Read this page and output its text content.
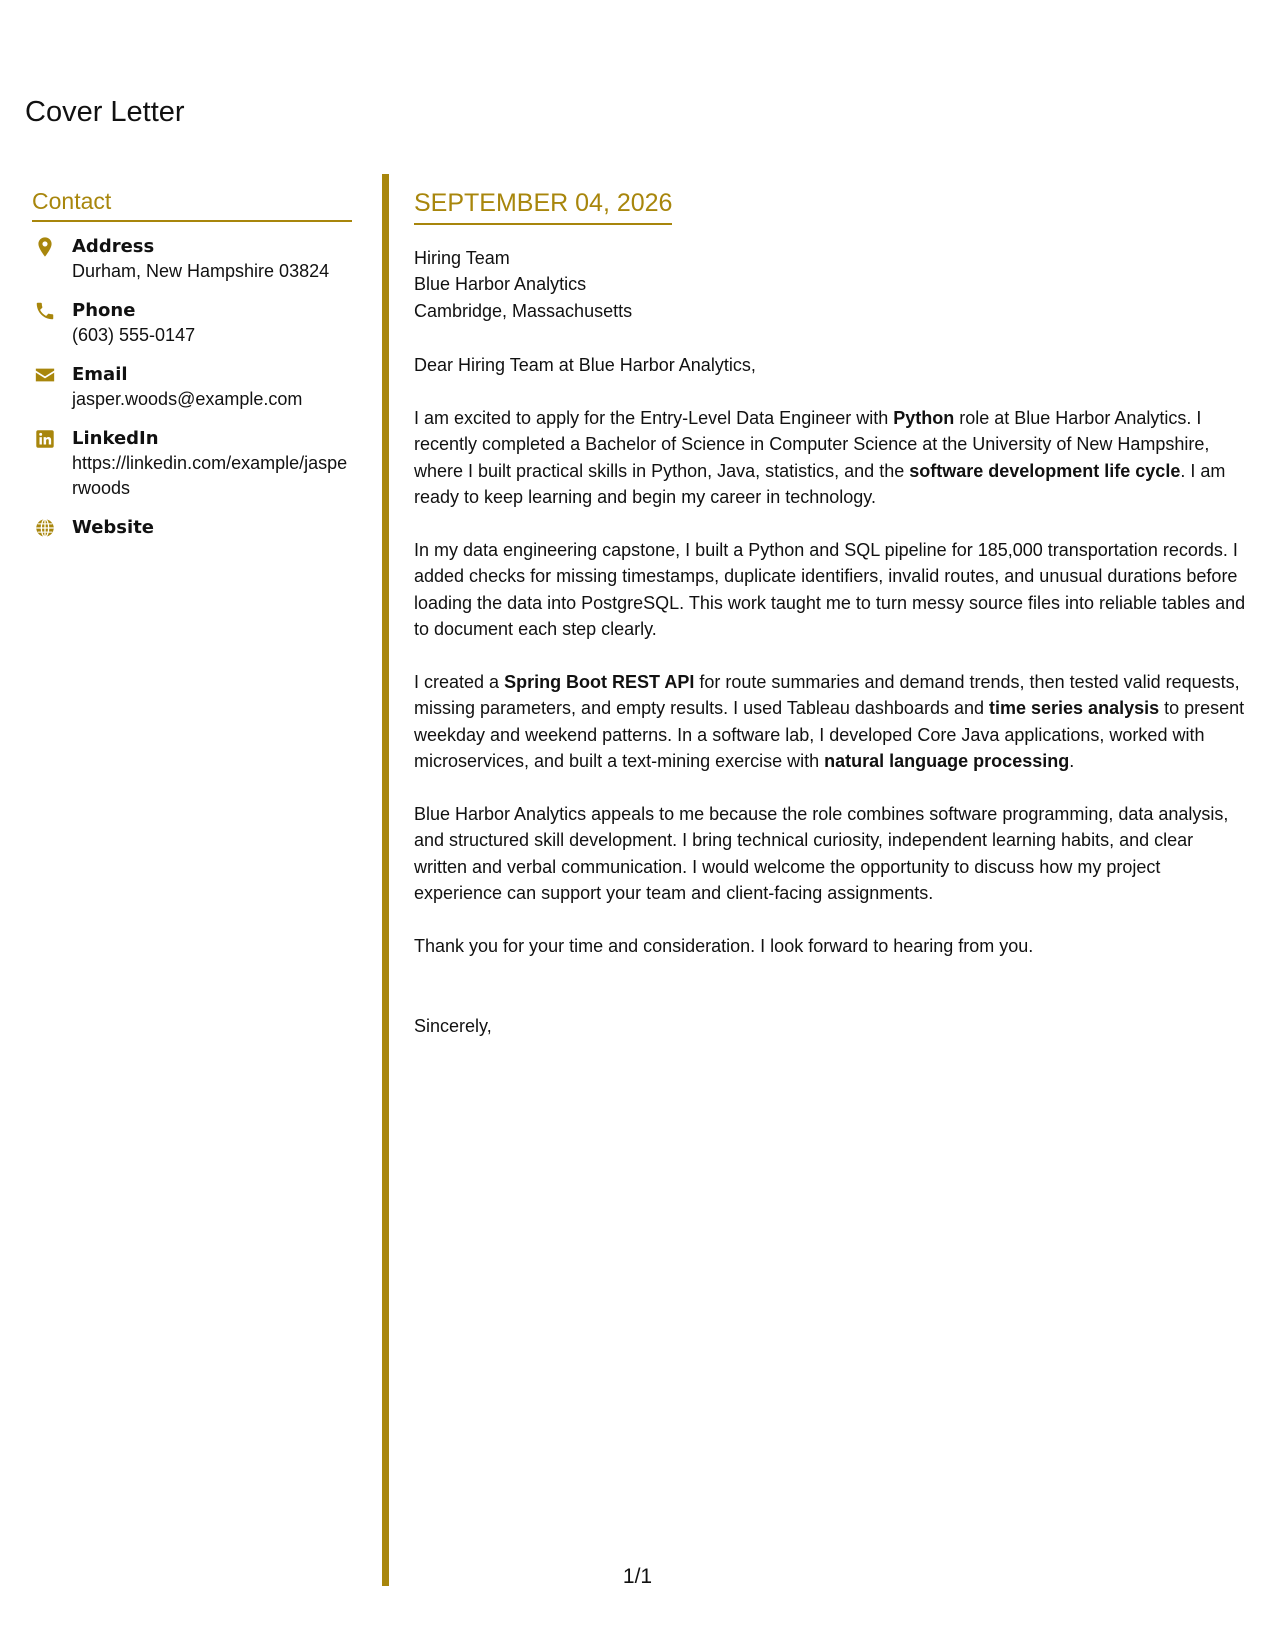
Cover Letter
Contact
Address
Durham, New Hampshire 03824
Phone
(603) 555-0147
Email
jasper.woods@example.com
LinkedIn
https://linkedin.com/example/jasperwoods
Website
SEPTEMBER 04, 2026

Hiring Team

Blue Harbor Analytics

Cambridge, Massachusetts

Dear Hiring Team at Blue Harbor Analytics,

I am excited to apply for the Entry-Level Data Engineer with Python role at Blue Harbor Analytics. I recently completed a Bachelor of Science in Computer Science at the University of New Hampshire, where I built practical skills in Python, Java, statistics, and the software development life cycle. I am ready to keep learning and begin my career in technology.

In my data engineering capstone, I built a Python and SQL pipeline for 185,000 transportation records. I added checks for missing timestamps, duplicate identifiers, invalid routes, and unusual durations before loading the data into PostgreSQL. This work taught me to turn messy source files into reliable tables and to document each step clearly.

I created a Spring Boot REST API for route summaries and demand trends, then tested valid requests, missing parameters, and empty results. I used Tableau dashboards and time series analysis to present weekday and weekend patterns. In a software lab, I developed Core Java applications, worked with microservices, and built a text-mining exercise with natural language processing.

Blue Harbor Analytics appeals to me because the role combines software programming, data analysis, and structured skill development. I bring technical curiosity, independent learning habits, and clear written and verbal communication. I would welcome the opportunity to discuss how my project experience can support your team and client-facing assignments.

Thank you for your time and consideration. I look forward to hearing from you.

Sincerely,

1/1
